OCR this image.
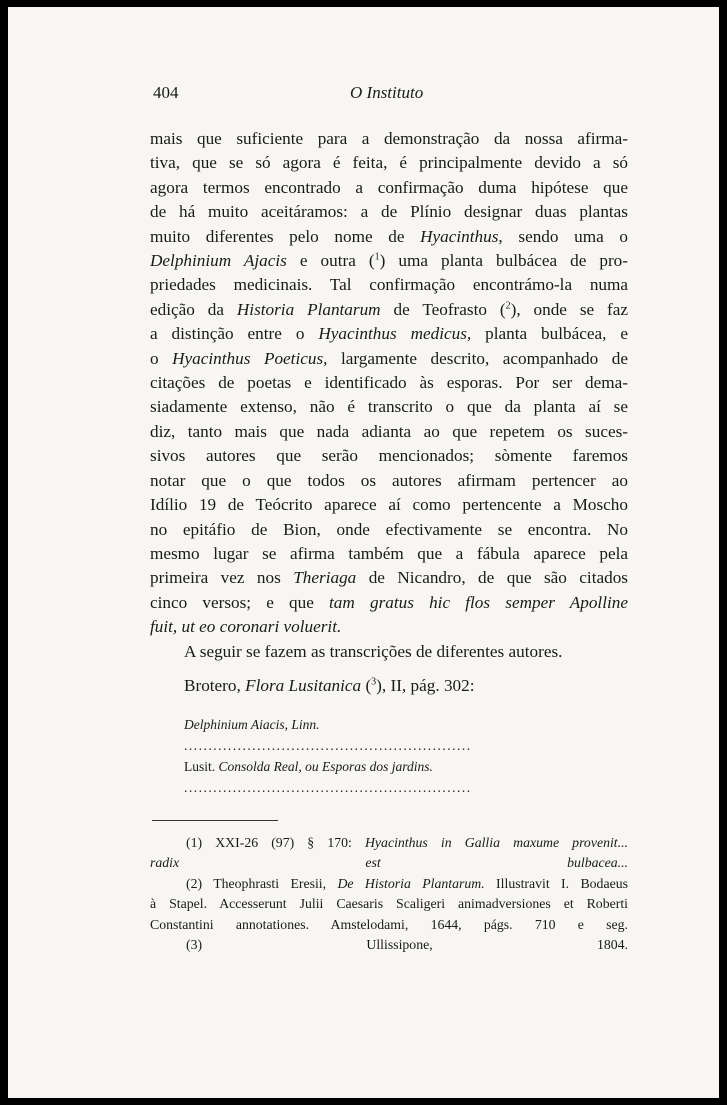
404	O Instituto
mais que suficiente para a demonstração da nossa afirma-
tiva, que se só agora é feita, é principalmente devido a só
agora termos encontrado a confirmação duma hipótese que
de há muito aceitáramos: a de Plínio designar duas plantas
muito diferentes pelo nome de Hyacinthus, sendo uma o
Delphinium Ajacis e outra ($^1$) uma planta bulbácea de pro-
priedades medicinais. Tal confirmação encontrámo-la numa
edição da Historia Plantarum de Teofrasto ($^2$), onde se faz
a distinção entre o Hyacinthus medicus, planta bulbácea, e
o Hyacinthus Poeticus, largamente descrito, acompanhado de
citações de poetas e identificado às esporas. Por ser dema-
siadamente extenso, não é transcrito o que da planta aí se
diz, tanto mais que nada adianta ao que repetem os suces-
sivos autores que serão mencionados; sòmente faremos
notar que o que todos os autores afirmam pertencer ao
Idílio 19 de Teócrito aparece aí como pertencente a Moscho
no epitáfio de Bion, onde efectivamente se encontra. No
mesmo lugar se afirma também que a fábula aparece pela
primeira vez nos Theriaga de Nicandro, de que são citados
cinco versos; e que tam gratus hic flos semper Apolline
fuit, ut eo coronari voluerit.
A seguir se fazem as transcrições de diferentes autores.
Brotero, Flora Lusitanica ($^3$), II, pág. 302:
Delphinium Aiacis, Linn.
...........................................................
Lusit. Consolda Real, ou Esporas dos jardins.
...........................................................
(1) XXI-26 (97) § 170: Hyacinthus in Gallia maxume provenit...
radix est bulbacea...
(2) Theophrasti Eresii, De Historia Plantarum. Illustravit I. Bodaeus
à Stapel. Accesserunt Julii Caesaris Scaligeri animadversiones et Roberti
Constantini annotationes. Amstelodami, 1644, págs. 710 e seg.
(3) Ullissipone, 1804.
